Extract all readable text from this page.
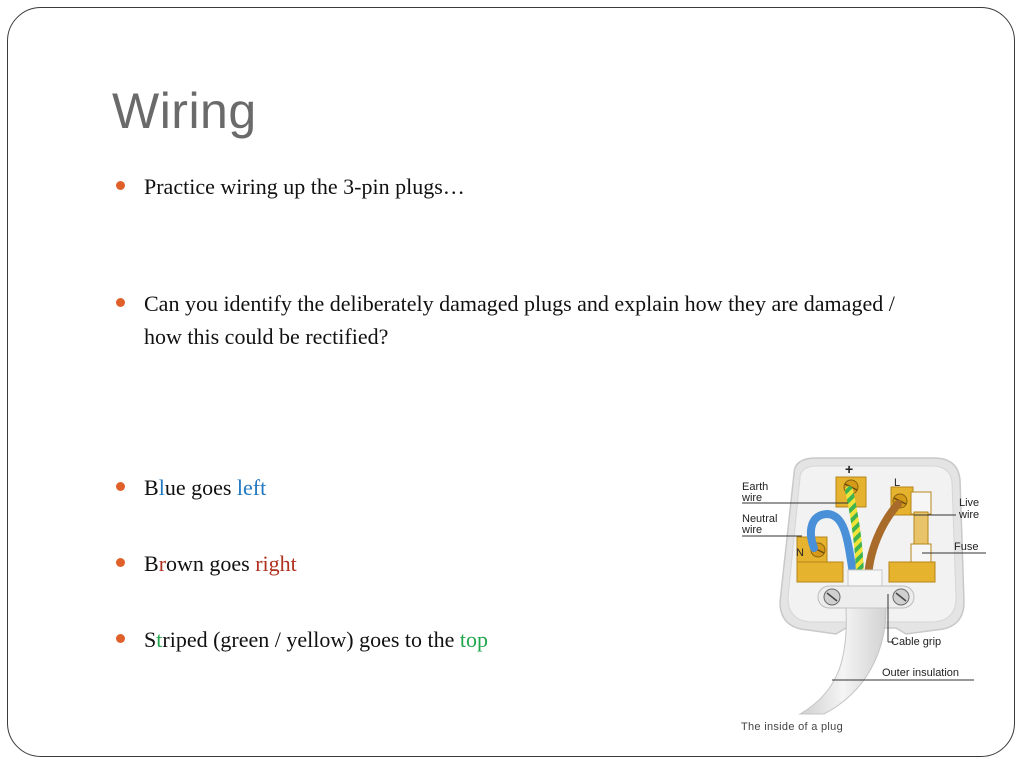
Wiring
Practice wiring up the 3-pin plugs…
Can you identify the deliberately damaged plugs and explain how they are damaged / how this could be rectified?
Blue goes left
Brown goes right
Striped (green / yellow) goes to the top
+
Earth
wire
Neutral
wire
N
L
Live
wire
Fuse
Cable grip
Outer insulation
The inside of a plug
